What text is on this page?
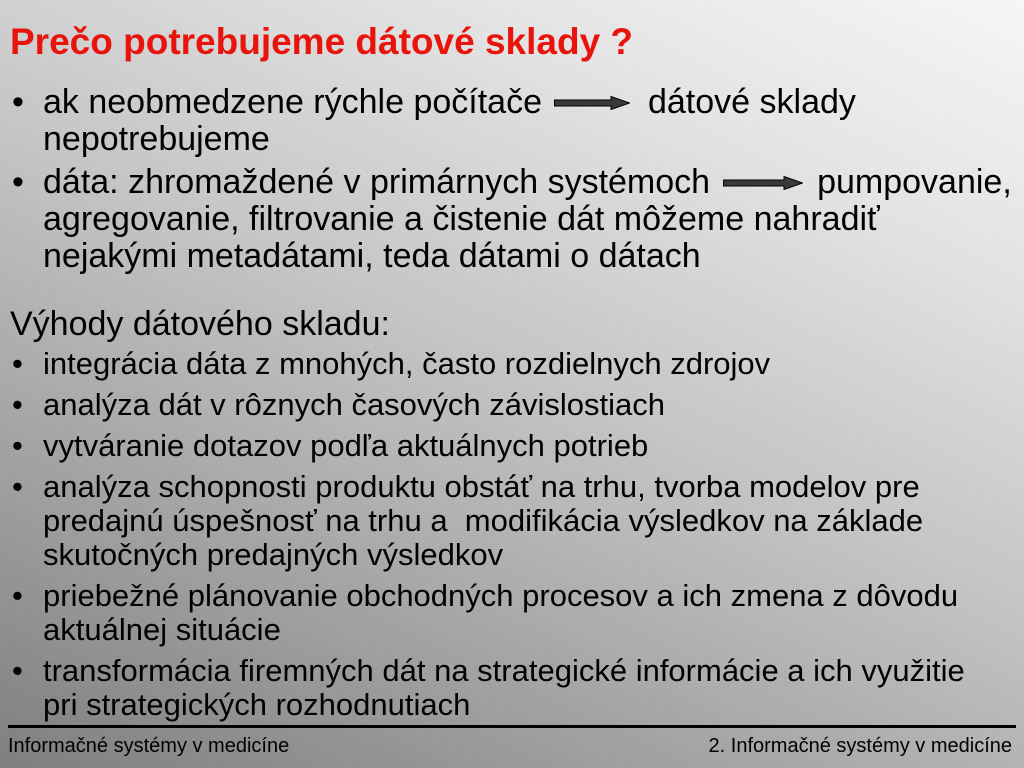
Prečo potrebujeme dátové sklady ?
• ak neobmedzene rýchle počítače	dátové sklady
nepotrebujeme
• dáta: zhromaždené v primárnych systémoch	pumpovanie,
agregovanie, filtrovanie a čistenie dát môžeme nahradiť
nejakými metadátami, teda dátami o dátach
Výhody dátového skladu:
• integrácia dáta z mnohých, často rozdielnych zdrojov
• analýza dát v rôznych časových závislostiach
• vytváranie dotazov podľa aktuálnych potrieb
• analýza schopnosti produktu obstáť na trhu, tvorba modelov pre
predajnú úspešnosť na trhu a  modifikácia výsledkov na základe
skutočných predajných výsledkov
• priebežné plánovanie obchodných procesov a ich zmena z dôvodu
aktuálnej situácie
• transformácia firemných dát na strategické informácie a ich využitie
pri strategických rozhodnutiach
Informačné systémy v medicíne	2. Informačné systémy v medicíne
